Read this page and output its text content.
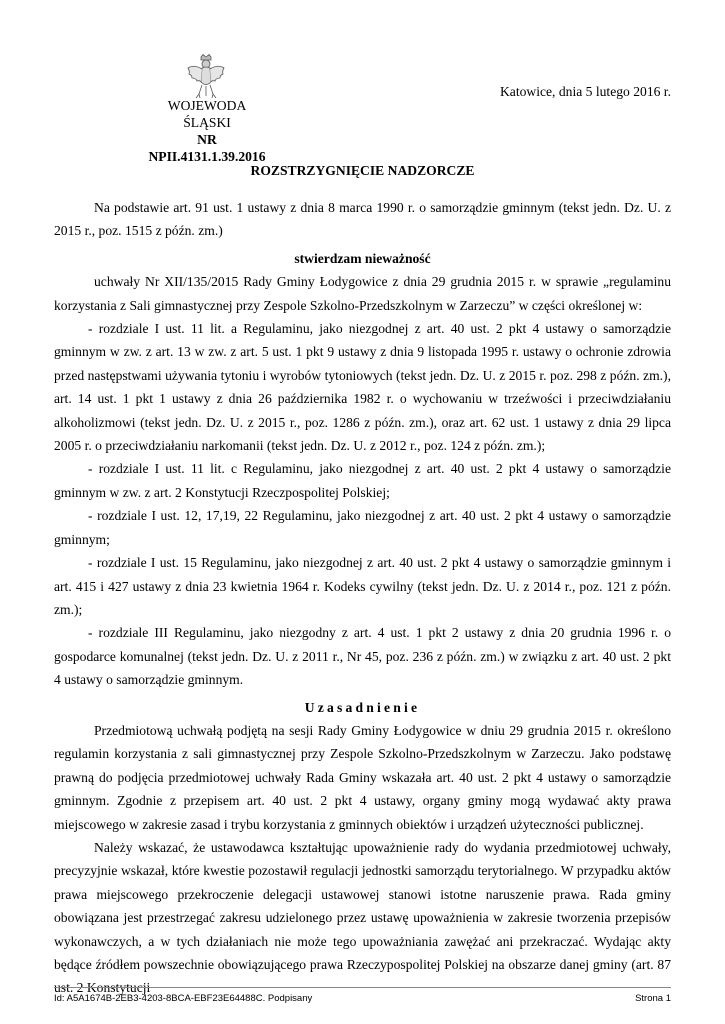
WOJEWODA ŚLĄSKI
NR NPII.4131.1.39.2016
Katowice, dnia 5 lutego 2016 r.
ROZSTRZYGNIĘCIE NADZORCZE

Na podstawie art. 91 ust. 1 ustawy z dnia 8 marca 1990 r. o samorządzie gminnym (tekst jedn. Dz. U. z 2015 r., poz. 1515 z późn. zm.)

stwierdzam nieważność

uchwały Nr XII/135/2015 Rady Gminy Łodygowice z dnia 29 grudnia 2015 r. w sprawie „regulaminu korzystania z Sali gimnastycznej przy Zespole Szkolno-Przedszkolnym w Zarzeczu” w części określonej w:

- rozdziale I ust. 11 lit. a Regulaminu, jako niezgodnej z art. 40 ust. 2 pkt 4 ustawy o samorządzie gminnym w zw. z art. 13 w zw. z art. 5 ust. 1 pkt 9 ustawy z dnia 9 listopada 1995 r. ustawy o ochronie zdrowia przed następstwami używania tytoniu i wyrobów tytoniowych (tekst jedn. Dz. U. z 2015 r. poz. 298 z późn. zm.), art. 14 ust. 1 pkt 1 ustawy z dnia 26 października 1982 r. o wychowaniu w trzeźwości i przeciwdziałaniu alkoholizmowi (tekst jedn. Dz. U. z 2015 r., poz. 1286 z późn. zm.), oraz art. 62 ust. 1 ustawy z dnia 29 lipca 2005 r. o przeciwdziałaniu narkomanii (tekst jedn. Dz. U. z 2012 r., poz. 124 z późn. zm.);

- rozdziale I ust. 11 lit. c Regulaminu, jako niezgodnej z art. 40 ust. 2 pkt 4 ustawy o samorządzie gminnym w zw. z art. 2 Konstytucji Rzeczpospolitej Polskiej;

- rozdziale I ust. 12, 17,19, 22 Regulaminu, jako niezgodnej z art. 40 ust. 2 pkt 4 ustawy o samorządzie gminnym;

- rozdziale I ust. 15 Regulaminu, jako niezgodnej z art. 40 ust. 2 pkt 4 ustawy o samorządzie gminnym i art. 415 i 427 ustawy z dnia 23 kwietnia 1964 r. Kodeks cywilny (tekst jedn. Dz. U. z 2014 r., poz. 121 z późn. zm.);

- rozdziale III Regulaminu, jako niezgodny z art. 4 ust. 1 pkt 2 ustawy z dnia 20 grudnia 1996 r. o gospodarce komunalnej (tekst jedn. Dz. U. z 2011 r., Nr 45, poz. 236 z późn. zm.) w związku z art. 40 ust. 2 pkt 4 ustawy o samorządzie gminnym.

Uzasadnienie

Przedmiotową uchwałą podjętą na sesji Rady Gminy Łodygowice w dniu 29 grudnia 2015 r. określono regulamin korzystania z sali gimnastycznej przy Zespole Szkolno-Przedszkolnym w Zarzeczu. Jako podstawę prawną do podjęcia przedmiotowej uchwały Rada Gminy wskazała art. 40 ust. 2 pkt 4 ustawy o samorządzie gminnym. Zgodnie z przepisem art. 40 ust. 2 pkt 4 ustawy, organy gminy mogą wydawać akty prawa miejscowego w zakresie zasad i trybu korzystania z gminnych obiektów i urządzeń użyteczności publicznej.

Należy wskazać, że ustawodawca kształtując upoważnienie rady do wydania przedmiotowej uchwały, precyzyjnie wskazał, które kwestie pozostawił regulacji jednostki samorządu terytorialnego. W przypadku aktów prawa miejscowego przekroczenie delegacji ustawowej stanowi istotne naruszenie prawa. Rada gminy obowiązana jest przestrzegać zakresu udzielonego przez ustawę upoważnienia w zakresie tworzenia przepisów wykonawczych, a w tych działaniach nie może tego upoważniania zawężać ani przekraczać. Wydając akty będące źródłem powszechnie obowiązującego prawa Rzeczypospolitej Polskiej na obszarze danej gminy (art. 87 ust. 2 Konstytucji

Id: A5A1674B-2EB3-4203-8BCA-EBF23E64488C. Podpisany	Strona 1
